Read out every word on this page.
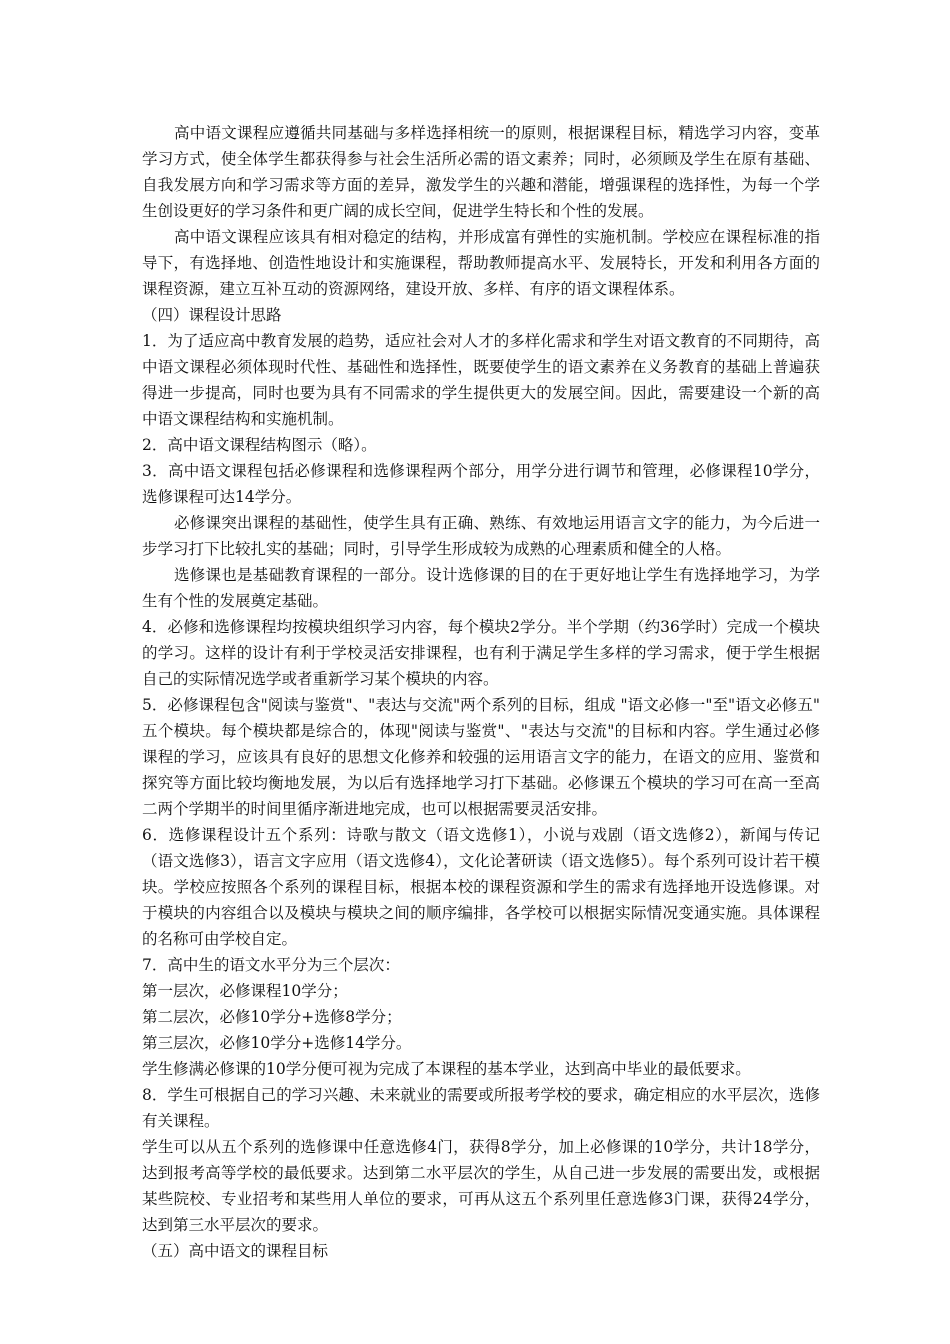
高中语文课程应遵循共同基础与多样选择相统一的原则，根据课程目标，精选学习内容，变革学习方式，使全体学生都获得参与社会生活所必需的语文素养；同时，必须顾及学生在原有基础、自我发展方向和学习需求等方面的差异，激发学生的兴趣和潜能，增强课程的选择性，为每一个学生创设更好的学习条件和更广阔的成长空间，促进学生特长和个性的发展。

高中语文课程应该具有相对稳定的结构，并形成富有弹性的实施机制。学校应在课程标准的指导下，有选择地、创造性地设计和实施课程，帮助教师提高水平、发展特长，开发和利用各方面的课程资源，建立互补互动的资源网络，建设开放、多样、有序的语文课程体系。

（四）课程设计思路

1．为了适应高中教育发展的趋势，适应社会对人才的多样化需求和学生对语文教育的不同期待，高中语文课程必须体现时代性、基础性和选择性，既要使学生的语文素养在义务教育的基础上普遍获得进一步提高，同时也要为具有不同需求的学生提供更大的发展空间。因此，需要建设一个新的高中语文课程结构和实施机制。

2．高中语文课程结构图示（略）。

3．高中语文课程包括必修课程和选修课程两个部分，用学分进行调节和管理，必修课程10学分，选修课程可达14学分。

必修课突出课程的基础性，使学生具有正确、熟练、有效地运用语言文字的能力，为今后进一步学习打下比较扎实的基础；同时，引导学生形成较为成熟的心理素质和健全的人格。

选修课也是基础教育课程的一部分。设计选修课的目的在于更好地让学生有选择地学习，为学生有个性的发展奠定基础。

4．必修和选修课程均按模块组织学习内容，每个模块2学分。半个学期（约36学时）完成一个模块的学习。这样的设计有利于学校灵活安排课程，也有利于满足学生多样的学习需求，便于学生根据自己的实际情况选学或者重新学习某个模块的内容。

5．必修课程包含"阅读与鉴赏"、"表达与交流"两个系列的目标，组成 "语文必修一"至"语文必修五" 五个模块。每个模块都是综合的，体现"阅读与鉴赏"、"表达与交流"的目标和内容。学生通过必修课程的学习，应该具有良好的思想文化修养和较强的运用语言文字的能力，在语文的应用、鉴赏和探究等方面比较均衡地发展，为以后有选择地学习打下基础。必修课五个模块的学习可在高一至高二两个学期半的时间里循序渐进地完成，也可以根据需要灵活安排。

6．选修课程设计五个系列：诗歌与散文（语文选修1），小说与戏剧（语文选修2），新闻与传记（语文选修3），语言文字应用（语文选修4），文化论著研读（语文选修5）。每个系列可设计若干模块。学校应按照各个系列的课程目标，根据本校的课程资源和学生的需求有选择地开设选修课。对于模块的内容组合以及模块与模块之间的顺序编排，各学校可以根据实际情况变通实施。具体课程的名称可由学校自定。

7．高中生的语文水平分为三个层次：

第一层次，必修课程10学分；

第二层次，必修10学分+选修8学分；

第三层次，必修10学分+选修14学分。

学生修满必修课的10学分便可视为完成了本课程的基本学业，达到高中毕业的最低要求。

8．学生可根据自己的学习兴趣、未来就业的需要或所报考学校的要求，确定相应的水平层次，选修有关课程。

学生可以从五个系列的选修课中任意选修4门，获得8学分，加上必修课的10学分，共计18学分，达到报考高等学校的最低要求。达到第二水平层次的学生，从自己进一步发展的需要出发，或根据某些院校、专业招考和某些用人单位的要求，可再从这五个系列里任意选修3门课，获得24学分，达到第三水平层次的要求。

（五）高中语文的课程目标
